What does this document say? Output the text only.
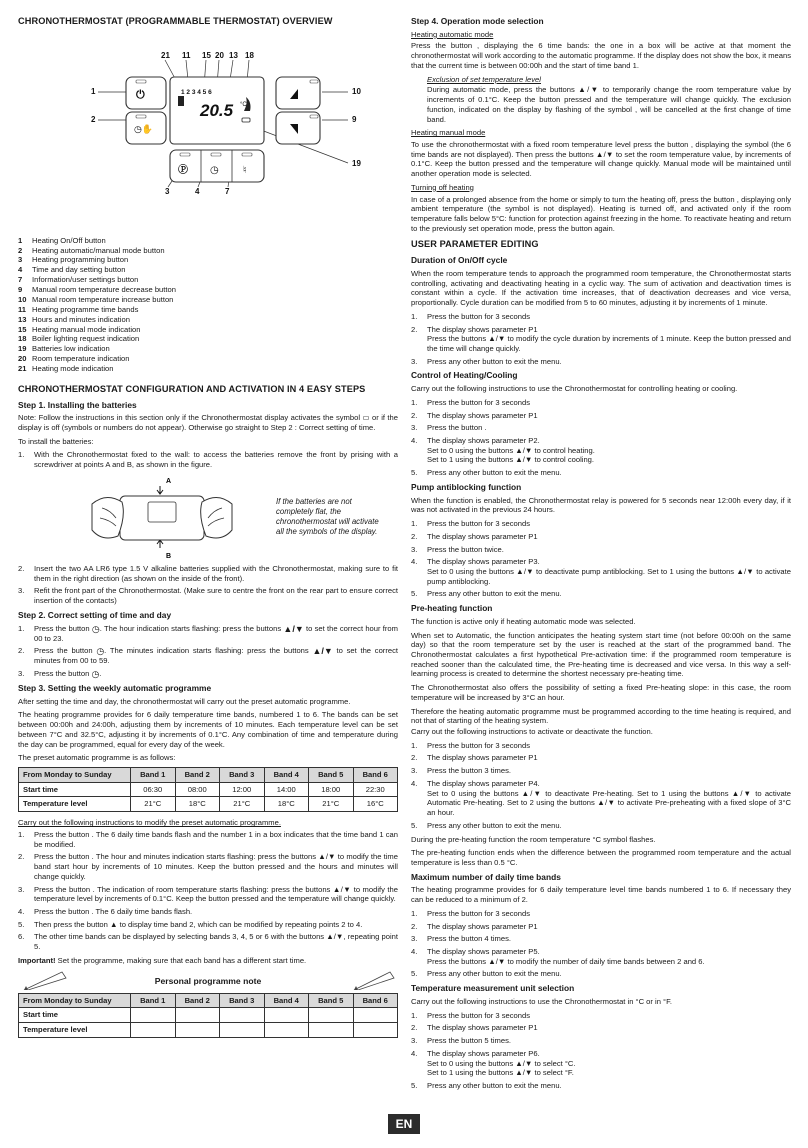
CHRONOTHERMOSTAT (PROGRAMMABLE THERMOSTAT) OVERVIEW
21 11 15 20 13 18
1
2
10
9
19
3	4	7
⏻
◷✋
1 2 3 4 5 6
20.5 °C
Ⓟ ◷ ♮
1	Heating On/Off button
2	Heating automatic/manual mode button
3	Heating programming button
4	Time and day setting button
7	Information/user settings button
9	Manual room temperature decrease button
10 Manual room temperature increase button
11 Heating programme time bands
13 Hours and minutes indication
15 Heating manual mode indication
18 Boiler lighting request indication
19 Batteries low indication
20 Room temperature indication
21 Heating mode indication
CHRONOTHERMOSTAT CONFIGURATION AND ACTIVATION IN 4 EASY STEPS
Step 1. Installing the batteries

Note: Follow the instructions in this section only if the Chronothermostat display activates the symbol ▭ or if the display is off (symbols or numbers do not appear). Otherwise go straight to Step 2 : Correct setting of time.

To install the batteries:

1.	With the Chronothermostat fixed to the wall: to access the batteries remove the front by prising with a screwdriver at points A and B, as shown in the figure.
A
B
If the batteries are not completely flat, the chronothermostat will activate all the symbols of the display.
2.	Insert the two AA LR6 type 1.5 V alkaline batteries supplied with the Chronothermostat, making sure to fit them in the right direction (as shown on the inside of the front).
3.	Refit the front part of the Chronothermostat. (Make sure to centre the front on the rear part to ensure correct insertion of the contacts)
Step 2. Correct setting of time and day
1.	Press the button ◷. The hour indication starts flashing: press the buttons ▲/▼ to set the correct hour from 00 to 23.
2.	Press the button ◷. The minutes indication starts flashing: press the buttons ▲/▼ to set the correct minutes from 00 to 59.
3.	Press the button ◷.
Step 3. Setting the weekly automatic programme

After setting the time and day, the chronothermostat will carry out the preset automatic programme.

The heating programme provides for 6 daily temperature time bands, numbered 1 to 6. The bands can be set between 00:00h and 24:00h, adjusting them by increments of 10 minutes. Each temperature level can be set between 7°C and 32.5°C, adjusting it by increments of 0.1°C. Any combination of time and temperature during the day can be programmed, equal for every day of the week.

The preset automatic programme is as follows:

From Monday to Sunday	Band 1	Band 2	Band 3	Band 4	Band 5	Band 6
Start time	06:30	08:00	12:00	14:00	18:00	22:30
Temperature level	21°C	18°C	21°C	18°C	21°C	16°C

Carry out the following instructions to modify the preset automatic programme.

1.	Press the button . The 6 daily time bands flash and the number 1 in a box indicates that the time band 1 can be modified.
2.	Press the button . The hour and minutes indication starts flashing: press the buttons ▲/▼ to modify the time band start hour by increments of 10 minutes. Keep the button pressed and the hours and minutes will change quickly.
3.	Press the button . The indication of room temperature starts flashing: press the buttons ▲/▼ to modify the temperature level by increments of 0.1°C. Keep the button pressed and the temperature will change quickly.
4.	Press the button . The 6 daily time bands flash.
5.	Then press the button ▲ to display time band 2, which can be modified by repeating points 2 to 4.
6.	The other time bands can be displayed by selecting bands 3, 4, 5 or 6 with the buttons ▲/▼, repeating point 5.

Important! Set the programme, making sure that each band has a different start time.

Personal programme note
From Monday to Sunday	Band 1	Band 2	Band 3	Band 4	Band 5	Band 6
Start time						
Temperature level						
Step 4. Operation mode selection

Heating automatic mode

Press the button , displaying the 6 time bands: the one in a box will be active at that moment the chronothermostat will work according to the automatic programme. If the display does not show the box, it means that the current time is between 00:00h and the start of time band 1.

Exclusion of set temperature level

During automatic mode, press the buttons ▲/▼ to temporarily change the room temperature value by increments of 0.1°C. Keep the button pressed and the temperature will change quickly. The exclusion function, indicated on the display by flashing of the symbol , will be cancelled at the first change of time band.

Heating manual mode

To use the chronothermostat with a fixed room temperature level press the button , displaying the symbol (the 6 time bands are not displayed). Then press the buttons ▲/▼ to set the room temperature value, by increments of 0.1°C. Keep the button pressed and the temperature will change quickly. Manual mode will be maintained until another operation mode is selected.

Turning off heating

In case of a prolonged absence from the home or simply to turn the heating off, press the button , displaying only ambient temperature (the symbol is not displayed). Heating is turned off, and activated only if the room temperature falls below 5°C: function for protection against freezing in the home. To reactivate heating and return to the previously set operation mode, press the button again.

USER PARAMETER EDITING
Duration of On/Off cycle

When the room temperature tends to approach the programmed room temperature, the Chronothermostat starts controlling, activating and deactivating heating in a cyclic way. The sum of activation and deactivation times is constant within a cycle. If the activation time increases, that of deactivation decreases and vice versa, proportionally. Cycle duration can be modified from 5 to 60 minutes, adjusting it by increments of 1 minute.

1.	Press the button for 3 seconds
2.	The display shows parameter P1
Press the buttons ▲/▼ to modify the cycle duration by increments of 1 minute. Keep the button pressed and the time will change quickly.
3.	Press any other button to exit the menu.
Control of Heating/Cooling

Carry out the following instructions to use the Chronothermostat for controlling heating or cooling.

1.	Press the button for 3 seconds
2.	The display shows parameter P1
3.	Press the button .
4.	The display shows parameter P2.
Set to 0 using the buttons ▲/▼ to control heating.
Set to 1 using the buttons ▲/▼ to control cooling.
5.	Press any other button to exit the menu.
Pump antiblocking function

When the function is enabled, the Chronothermostat relay is powered for 5 seconds near 12:00h every day, if it was not activated in the previous 24 hours.

1.	Press the button for 3 seconds
2.	The display shows parameter P1
3.	Press the button twice.
4.	The display shows parameter P3.
Set to 0 using the buttons ▲/▼ to deactivate pump antiblocking. Set to 1 using the buttons ▲/▼ to activate pump antiblocking.
5.	Press any other button to exit the menu.
Pre-heating function

The function is active only if heating automatic mode was selected.

When set to Automatic, the function anticipates the heating system start time (not before 00:00h on the same day) so that the room temperature set by the user is reached at the start of the programmed band. The Chronothermostat calculates a first hypothetical Pre-activation time: if the programmed room temperature is reached sooner than the calculated time, the Pre-heating time is decreased and vice versa. In this way a self-learning process is created to determine the shortest necessary pre-heating time.

The Chronothermostat also offers the possibility of setting a fixed Pre-heating slope: in this case, the room temperature will be increased by 3°C an hour.

Therefore the heating automatic programme must be programmed according to the time heating is required, and not that of starting of the heating system.

Carry out the following instructions to activate or deactivate the function.

1.	Press the button for 3 seconds
2.	The display shows parameter P1
3.	Press the button 3 times.
4.	The display shows parameter P4.
Set to 0 using the buttons ▲/▼ to deactivate Pre-heating. Set to 1 using the buttons ▲/▼ to activate Automatic Pre-heating. Set to 2 using the buttons ▲/▼ to activate Pre-preheating with a fixed slope of 3°C an hour.
5.	Press any other button to exit the menu.

During the pre-heating function the room temperature °C symbol flashes.

The pre-heating function ends when the difference between the programmed room temperature and the actual temperature is less than 0.5 °C.

Maximum number of daily time bands

The heating programme provides for 6 daily temperature level time bands numbered 1 to 6. If necessary they can be reduced to a minimum of 2.

1.	Press the button for 3 seconds
2.	The display shows parameter P1
3.	Press the button 4 times.
4.	The display shows parameter P5.
Press the buttons ▲/▼ to modify the number of daily time bands between 2 and 6.
5.	Press any other button to exit the menu.
Temperature measurement unit selection

Carry out the following instructions to use the Chronothermostat in °C or in °F.

1.	Press the button for 3 seconds
2.	The display shows parameter P1
3.	Press the button 5 times.
4.	The display shows parameter P6.
Set to 0 using the buttons ▲/▼ to select °C.
Set to 1 using the buttons ▲/▼ to select °F.
5.	Press any other button to exit the menu.
EN
